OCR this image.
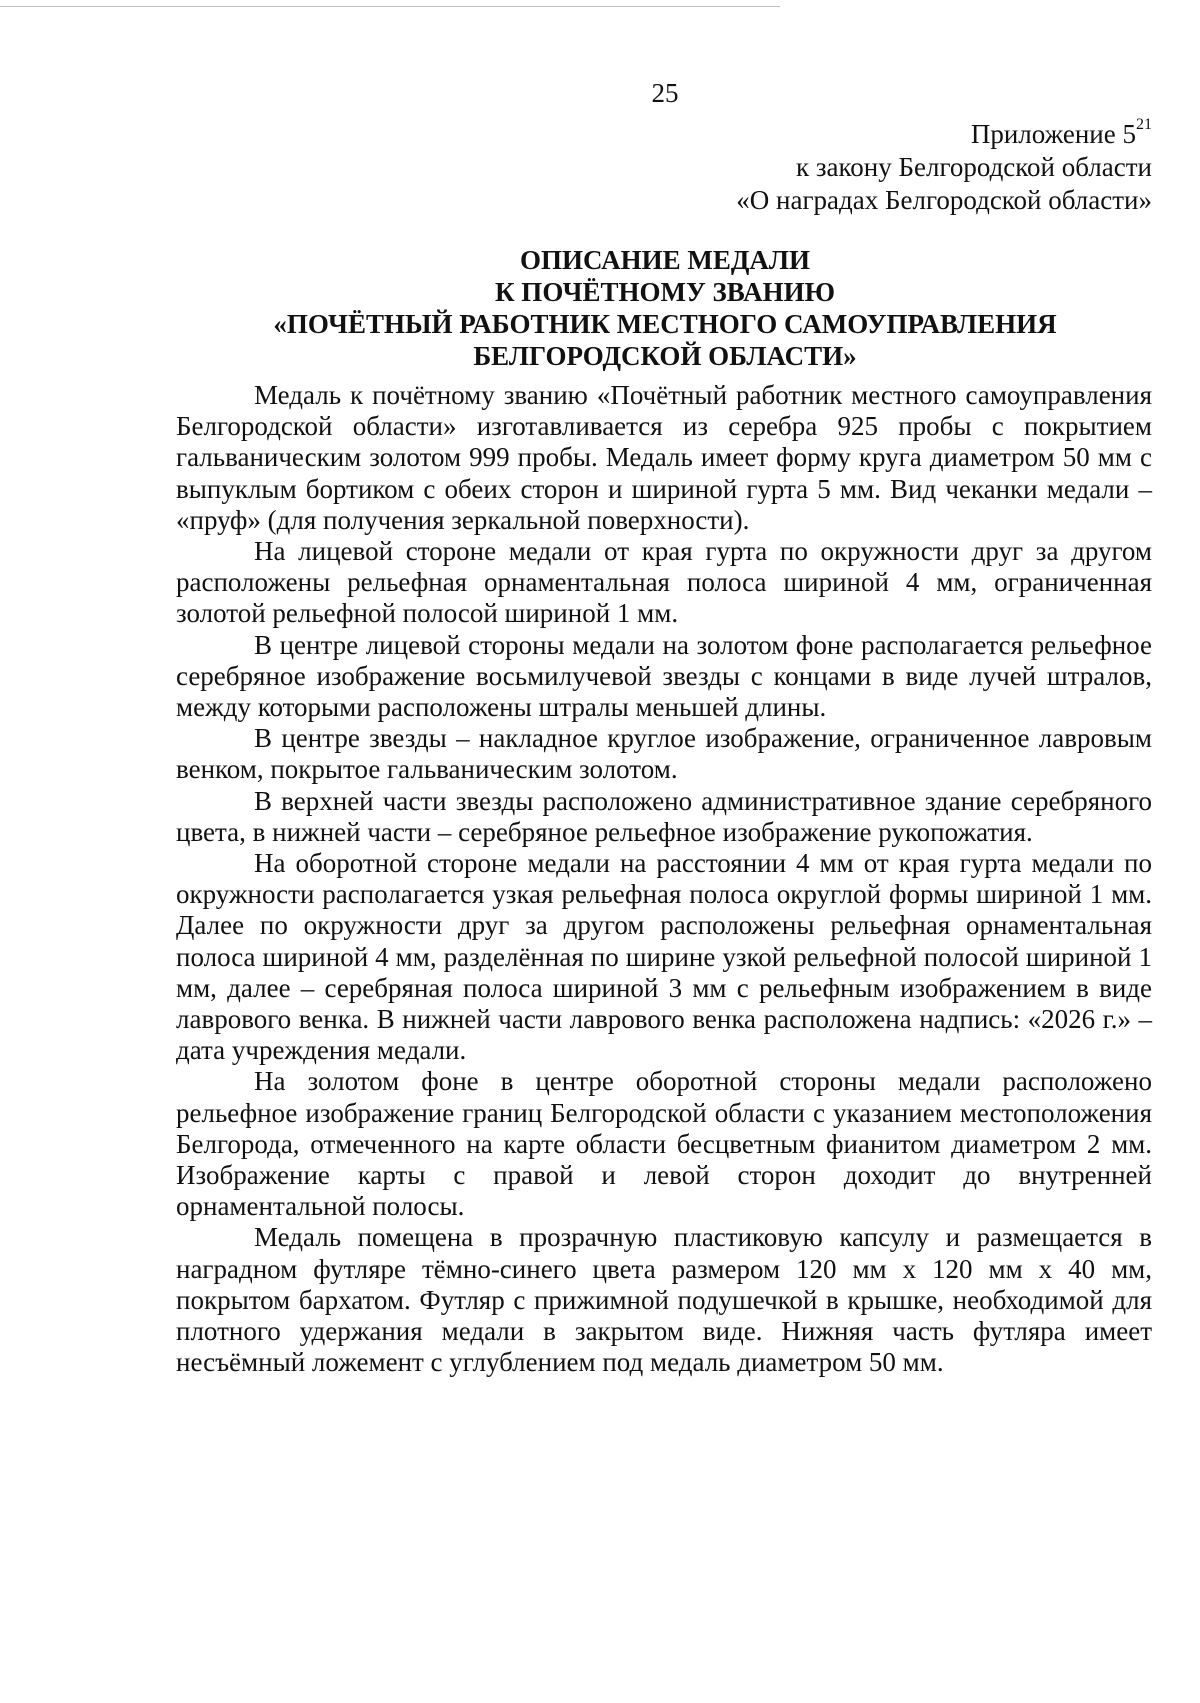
25
Приложение $5^{21}$
к закону Белгородской области
«О наградах Белгородской области»
ОПИСАНИЕ МЕДАЛИ
К ПОЧЁТНОМУ ЗВАНИЮ
«ПОЧЁТНЫЙ РАБОТНИК МЕСТНОГО САМОУПРАВЛЕНИЯ
БЕЛГОРОДСКОЙ ОБЛАСТИ»

Медаль к почётному званию «Почётный работник местного самоуправления Белгородской области» изготавливается из серебра 925 пробы с покрытием гальваническим золотом 999 пробы. Медаль имеет форму круга диаметром 50 мм с выпуклым бортиком с обеих сторон и шириной гурта 5 мм. Вид чеканки медали – «пруф» (для получения зеркальной поверхности).

На лицевой стороне медали от края гурта по окружности друг за другом расположены рельефная орнаментальная полоса шириной 4 мм, ограниченная золотой рельефной полосой шириной 1 мм.

В центре лицевой стороны медали на золотом фоне располагается рельефное серебряное изображение восьмилучевой звезды с концами в виде лучей штралов, между которыми расположены штралы меньшей длины.

В центре звезды – накладное круглое изображение, ограниченное лавровым венком, покрытое гальваническим золотом.

В верхней части звезды расположено административное здание серебряного цвета, в нижней части – серебряное рельефное изображение рукопожатия.

На оборотной стороне медали на расстоянии 4 мм от края гурта медали по окружности располагается узкая рельефная полоса округлой формы шириной 1 мм. Далее по окружности друг за другом расположены рельефная орнаментальная полоса шириной 4 мм, разделённая по ширине узкой рельефной полосой шириной 1 мм, далее – серебряная полоса шириной 3 мм с рельефным изображением в виде лаврового венка. В нижней части лаврового венка расположена надпись: «2026 г.» – дата учреждения медали.

На золотом фоне в центре оборотной стороны медали расположено рельефное изображение границ Белгородской области с указанием местоположения Белгорода, отмеченного на карте области бесцветным фианитом диаметром 2 мм. Изображение карты с правой и левой сторон доходит до внутренней орнаментальной полосы.

Медаль помещена в прозрачную пластиковую капсулу и размещается в наградном футляре тёмно-синего цвета размером 120 мм х 120 мм х 40 мм, покрытом бархатом. Футляр с прижимной подушечкой в крышке, необходимой для плотного удержания медали в закрытом виде. Нижняя часть футляра имеет несъёмный ложемент с углублением под медаль диаметром 50 мм.
